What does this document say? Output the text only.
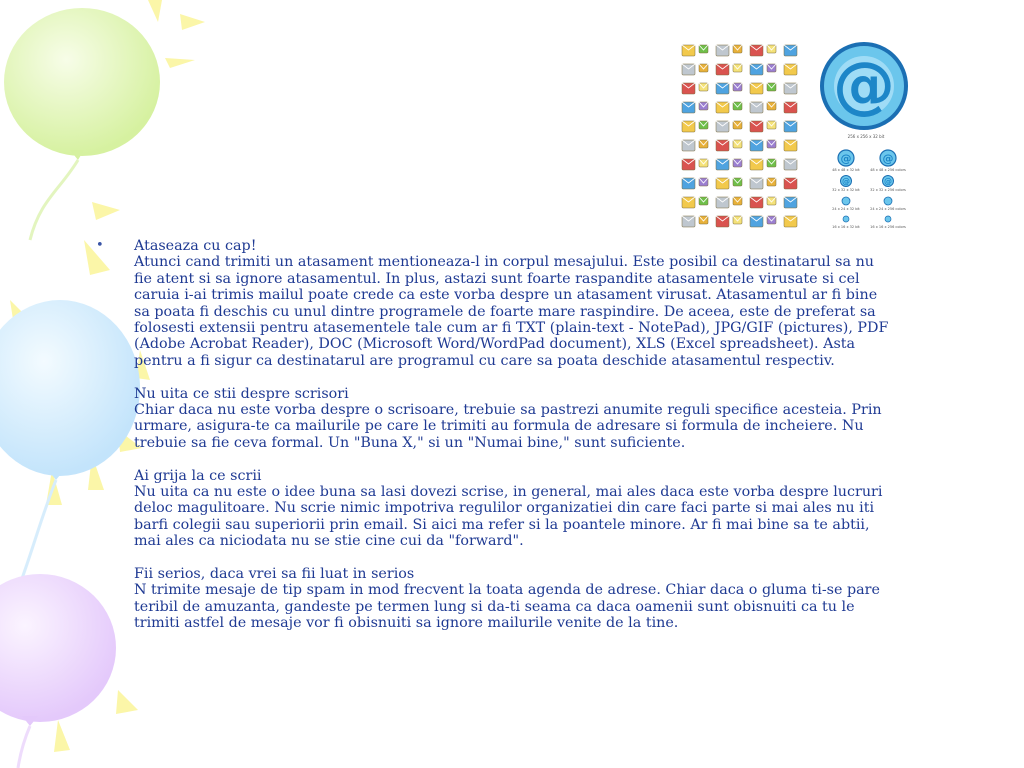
@
256 x 256 x 32 bit
@	@
48 x 48 x 32 bit	48 x 48 x 256 colors
@	@
32 x 32 x 32 bit	32 x 32 x 256 colors
24 x 24 x 32 bit	24 x 24 x 256 colors
16 x 16 x 32 bit	16 x 16 x 256 colors
• Ataseaza cu cap!
Atunci cand trimiti un atasament mentioneaza-l in corpul mesajului. Este posibil ca destinatarul sa nu fie atent si sa ignore atasamentul. In plus, astazi sunt foarte raspandite atasamentele virusate si cel caruia i-ai trimis mailul poate crede ca este vorba despre un atasament virusat. Atasamentul ar fi bine sa poata fi deschis cu unul dintre programele de foarte mare raspindire. De aceea, este de preferat sa folosesti extensii pentru atasementele tale cum ar fi TXT (plain-text - NotePad), JPG/GIF (pictures), PDF (Adobe Acrobat Reader), DOC (Microsoft Word/WordPad document), XLS (Excel spreadsheet). Asta pentru a fi sigur ca destinatarul are programul cu care sa poata deschide atasamentul respectiv.

Nu uita ce stii despre scrisori
Chiar daca nu este vorba despre o scrisoare, trebuie sa pastrezi anumite reguli specifice acesteia. Prin urmare, asigura-te ca mailurile pe care le trimiti au formula de adresare si formula de incheiere. Nu trebuie sa fie ceva formal. Un "Buna X," si un "Numai bine," sunt suficiente.

Ai grija la ce scrii
Nu uita ca nu este o idee buna sa lasi dovezi scrise, in general, mai ales daca este vorba despre lucruri deloc magulitoare. Nu scrie nimic impotriva regulilor organizatiei din care faci parte si mai ales nu iti barfi colegii sau superiorii prin email. Si aici ma refer si la poantele minore. Ar fi mai bine sa te abtii, mai ales ca niciodata nu se stie cine cui da "forward".

Fii serios, daca vrei sa fii luat in serios
N trimite mesaje de tip spam in mod frecvent la toata agenda de adrese. Chiar daca o gluma ti-se pare teribil de amuzanta, gandeste pe termen lung si da-ti seama ca daca oamenii sunt obisnuiti ca tu le trimiti astfel de mesaje vor fi obisnuiti sa ignore mailurile venite de la tine.
